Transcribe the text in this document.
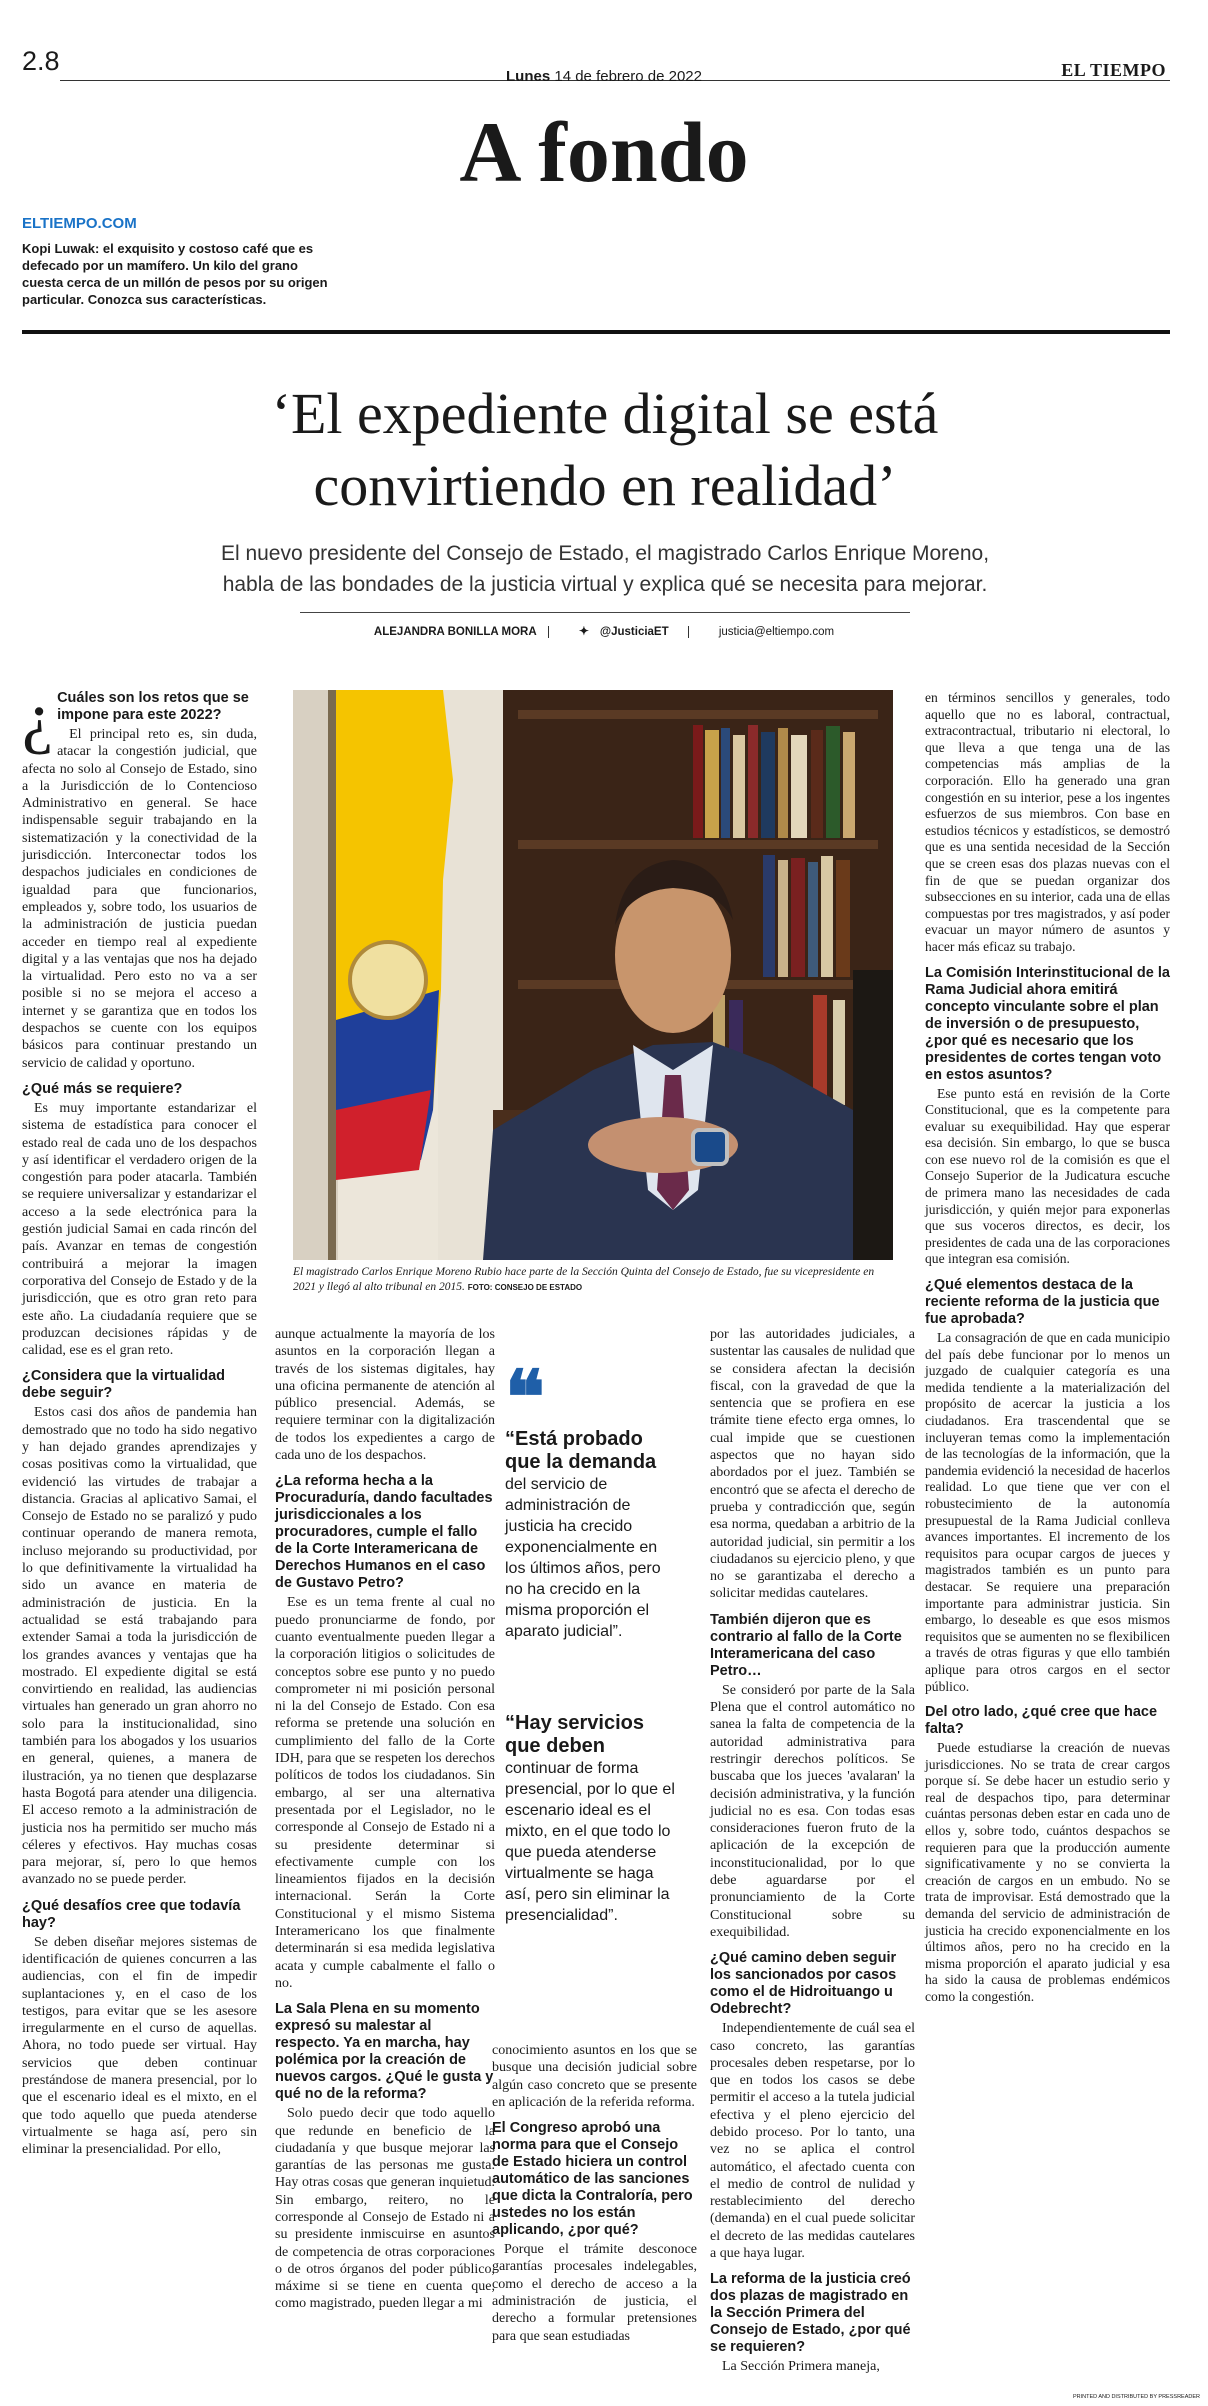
2.8
Lunes 14 de febrero de 2022	EL TIEMPO
A fondo
ELTIEMPO.COM
Kopi Luwak: el exquisito y costoso café que es defecado por un mamífero. Un kilo del grano cuesta cerca de un millón de pesos por su origen particular. Conozca sus características.
‘El expediente digital se está
convirtiendo en realidad’
El nuevo presidente del Consejo de Estado, el magistrado Carlos Enrique Moreno,
habla de las bondades de la justicia virtual y explica qué se necesita para mejorar.
ALEJANDRA BONILLA MORA	✦ @JusticiaET	justicia@eltiempo.com
El magistrado Carlos Enrique Moreno Rubio hace parte de la Sección Quinta del Consejo de Estado, fue su vicepresidente en 2021 y llegó al alto tribunal en 2015. FOTO: CONSEJO DE ESTADO
¿ Cuáles son los retos que se impone para este 2022?

El principal reto es, sin duda, atacar la congestión judicial, que afecta no solo al Consejo de Estado, sino a la Jurisdicción de lo Contencioso Administrativo en general. Se hace indispensable seguir trabajando en la sistematización y la conectividad de la jurisdicción. Interconectar todos los despachos judiciales en condiciones de igualdad para que funcionarios, empleados y, sobre todo, los usuarios de la administración de justicia puedan acceder en tiempo real al expediente digital y a las ventajas que nos ha dejado la virtualidad. Pero esto no va a ser posible si no se mejora el acceso a internet y se garantiza que en todos los despachos se cuente con los equipos básicos para continuar prestando un servicio de calidad y oportuno.

¿Qué más se requiere?

Es muy importante estandarizar el sistema de estadística para conocer el estado real de cada uno de los despachos y así identificar el verdadero origen de la congestión para poder atacarla. También se requiere universalizar y estandarizar el acceso a la sede electrónica para la gestión judicial Samai en cada rincón del país. Avanzar en temas de congestión contribuirá a mejorar la imagen corporativa del Consejo de Estado y de la jurisdicción, que es otro gran reto para este año. La ciudadanía requiere que se produzcan decisiones rápidas y de calidad, ese es el gran reto.

¿Considera que la virtualidad debe seguir?

Estos casi dos años de pandemia han demostrado que no todo ha sido negativo y han dejado grandes aprendizajes y cosas positivas como la virtualidad, que evidenció las virtudes de trabajar a distancia. Gracias al aplicativo Samai, el Consejo de Estado no se paralizó y pudo continuar operando de manera remota, incluso mejorando su productividad, por lo que definitivamente la virtualidad ha sido un avance en materia de administración de justicia. En la actualidad se está trabajando para extender Samai a toda la jurisdicción de los grandes avances y ventajas que ha mostrado. El expediente digital se está convirtiendo en realidad, las audiencias virtuales han generado un gran ahorro no solo para la institucionalidad, sino también para los abogados y los usuarios en general, quienes, a manera de ilustración, ya no tienen que desplazarse hasta Bogotá para atender una diligencia. El acceso remoto a la administración de justicia nos ha permitido ser mucho más céleres y efectivos. Hay muchas cosas para mejorar, sí, pero lo que hemos avanzado no se puede perder.

¿Qué desafíos cree que todavía hay?

Se deben diseñar mejores sistemas de identificación de quienes concurren a las audiencias, con el fin de impedir suplantaciones y, en el caso de los testigos, para evitar que se les asesore irregularmente en el curso de aquellas. Ahora, no todo puede ser virtual. Hay servicios que deben continuar prestándose de manera presencial, por lo que el escenario ideal es el mixto, en el que todo aquello que pueda atenderse virtualmente se haga así, pero sin eliminar la presencialidad. Por ello,

aunque actualmente la mayoría de los asuntos en la corporación llegan a través de los sistemas digitales, hay una oficina permanente de atención al público presencial. Además, se requiere terminar con la digitalización de todos los expedientes a cargo de cada uno de los despachos.

¿La reforma hecha a la Procuraduría, dando facultades jurisdiccionales a los procuradores, cumple el fallo de la Corte Interamericana de Derechos Humanos en el caso de Gustavo Petro?

Ese es un tema frente al cual no puedo pronunciarme de fondo, por cuanto eventualmente pueden llegar a la corporación litigios o solicitudes de conceptos sobre ese punto y no puedo comprometer ni mi posición personal ni la del Consejo de Estado. Con esa reforma se pretende una solución en cumplimiento del fallo de la Corte IDH, para que se respeten los derechos políticos de todos los ciudadanos. Sin embargo, al ser una alternativa presentada por el Legislador, no le corresponde al Consejo de Estado ni a su presidente determinar si efectivamente cumple con los lineamientos fijados en la decisión internacional. Serán la Corte Constitucional y el mismo Sistema Interamericano los que finalmente determinarán si esa medida legislativa acata y cumple cabalmente el fallo o no.

La Sala Plena en su momento expresó su malestar al respecto. Ya en marcha, hay polémica por la creación de nuevos cargos. ¿Qué le gusta y qué no de la reforma?

Solo puedo decir que todo aquello que redunde en beneficio de la ciudadanía y que busque mejorar las garantías de las personas me gusta. Hay otras cosas que generan inquietud. Sin embargo, reitero, no le corresponde al Consejo de Estado ni a su presidente inmiscuirse en asuntos de competencia de otras corporaciones o de otros órganos del poder público, máxime si se tiene en cuenta que, como magistrado, pueden llegar a mi

❝
“Está probado que la demanda
del servicio de administración de justicia ha crecido exponencialmente en los últimos años, pero no ha crecido en la misma proporción el aparato judicial”.
“Hay servicios que deben
continuar de forma presencial, por lo que el escenario ideal es el mixto, en el que todo lo que pueda atenderse virtualmente se haga así, pero sin eliminar la presencialidad”.

conocimiento asuntos en los que se busque una decisión judicial sobre algún caso concreto que se presente en aplicación de la referida reforma.

El Congreso aprobó una norma para que el Consejo de Estado hiciera un control automático de las sanciones que dicta la Contraloría, pero ustedes no los están aplicando, ¿por qué?

Porque el trámite desconoce garantías procesales indelegables, como el derecho de acceso a la administración de justicia, el derecho a formular pretensiones para que sean estudiadas

por las autoridades judiciales, a sustentar las causales de nulidad que se considera afectan la decisión fiscal, con la gravedad de que la sentencia que se profiera en ese trámite tiene efecto erga omnes, lo cual impide que se cuestionen aspectos que no hayan sido abordados por el juez. También se encontró que se afecta el derecho de prueba y contradicción que, según esa norma, quedaban a arbitrio de la autoridad judicial, sin permitir a los ciudadanos su ejercicio pleno, y que no se garantizaba el derecho a solicitar medidas cautelares.

También dijeron que es contrario al fallo de la Corte Interamericana del caso Petro…

Se consideró por parte de la Sala Plena que el control automático no sanea la falta de competencia de la autoridad administrativa para restringir derechos políticos. Se buscaba que los jueces 'avalaran' la decisión administrativa, y la función judicial no es esa. Con todas esas consideraciones fueron fruto de la aplicación de la excepción de inconstitucionalidad, por lo que debe aguardarse por el pronunciamiento de la Corte Constitucional sobre su exequibilidad.

¿Qué camino deben seguir los sancionados por casos como el de Hidroituango u Odebrecht?

Independientemente de cuál sea el caso concreto, las garantías procesales deben respetarse, por lo que en todos los casos se debe permitir el acceso a la tutela judicial efectiva y el pleno ejercicio del debido proceso. Por lo tanto, una vez no se aplica el control automático, el afectado cuenta con el medio de control de nulidad y restablecimiento del derecho (demanda) en el cual puede solicitar el decreto de las medidas cautelares a que haya lugar.

La reforma de la justicia creó dos plazas de magistrado en la Sección Primera del Consejo de Estado, ¿por qué se requieren?

La Sección Primera maneja,

en términos sencillos y generales, todo aquello que no es laboral, contractual, extracontractual, tributario ni electoral, lo que lleva a que tenga una de las competencias más amplias de la corporación. Ello ha generado una gran congestión en su interior, pese a los ingentes esfuerzos de sus miembros. Con base en estudios técnicos y estadísticos, se demostró que es una sentida necesidad de la Sección que se creen esas dos plazas nuevas con el fin de que se puedan organizar dos subsecciones en su interior, cada una de ellas compuestas por tres magistrados, y así poder evacuar un mayor número de asuntos y hacer más eficaz su trabajo.

La Comisión Interinstitucional de la Rama Judicial ahora emitirá concepto vinculante sobre el plan de inversión o de presupuesto, ¿por qué es necesario que los presidentes de cortes tengan voto en estos asuntos?

Ese punto está en revisión de la Corte Constitucional, que es la competente para evaluar su exequibilidad. Hay que esperar esa decisión. Sin embargo, lo que se busca con ese nuevo rol de la comisión es que el Consejo Superior de la Judicatura escuche de primera mano las necesidades de cada jurisdicción, y quién mejor para exponerlas que sus voceros directos, es decir, los presidentes de cada una de las corporaciones que integran esa comisión.

¿Qué elementos destaca de la reciente reforma de la justicia que fue aprobada?

La consagración de que en cada municipio del país debe funcionar por lo menos un juzgado de cualquier categoría es una medida tendiente a la materialización del propósito de acercar la justicia a los ciudadanos. Era trascendental que se incluyeran temas como la implementación de las tecnologías de la información, que la pandemia evidenció la necesidad de hacerlos realidad. Lo que tiene que ver con el robustecimiento de la autonomía presupuestal de la Rama Judicial conlleva avances importantes. El incremento de los requisitos para ocupar cargos de jueces y magistrados también es un punto para destacar. Se requiere una preparación importante para administrar justicia. Sin embargo, lo deseable es que esos mismos requisitos que se aumenten no se flexibilicen a través de otras figuras y que ello también aplique para otros cargos en el sector público.

Del otro lado, ¿qué cree que hace falta?

Puede estudiarse la creación de nuevas jurisdicciones. No se trata de crear cargos porque sí. Se debe hacer un estudio serio y real de despachos tipo, para determinar cuántas personas deben estar en cada uno de ellos y, sobre todo, cuántos despachos se requieren para que la producción aumente significativamente y no se convierta la creación de cargos en un embudo. No se trata de improvisar. Está demostrado que la demanda del servicio de administración de justicia ha crecido exponencialmente en los últimos años, pero no ha crecido en la misma proporción el aparato judicial y esa ha sido la causa de problemas endémicos como la congestión.

PRINTED AND DISTRIBUTED BY PRESSREADER
